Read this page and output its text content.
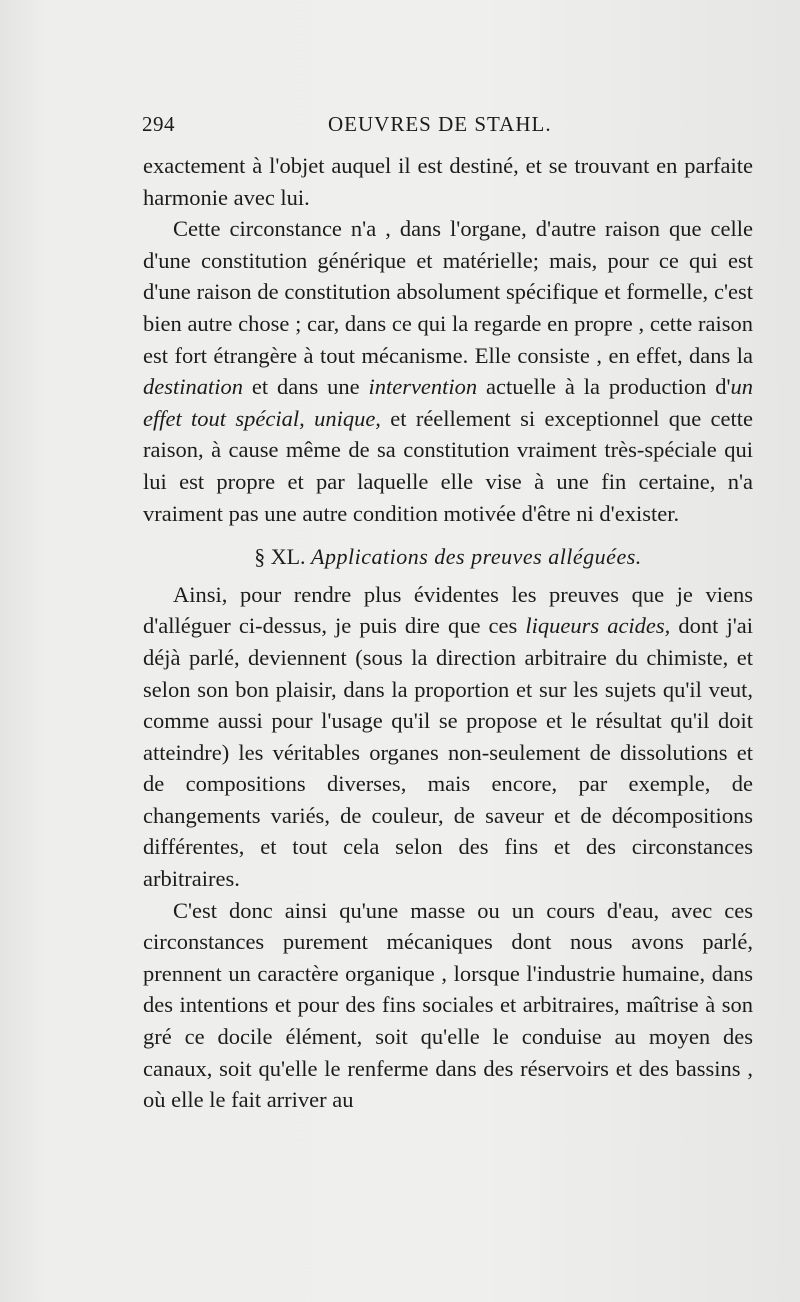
294	OEUVRES DE STAHL.

exactement à l'objet auquel il est destiné, et se trouvant en parfaite harmonie avec lui.

Cette circonstance n'a , dans l'organe, d'autre raison que celle d'une constitution générique et matérielle; mais, pour ce qui est d'une raison de constitution absolument spécifique et formelle, c'est bien autre chose ; car, dans ce qui la regarde en propre , cette raison est fort étrangère à tout mécanisme. Elle consiste , en effet, dans la destination et dans une intervention actuelle à la production d'un effet tout spécial, unique, et réellement si exceptionnel que cette raison, à cause même de sa constitution vraiment très-spéciale qui lui est propre et par laquelle elle vise à une fin certaine, n'a vraiment pas une autre condition motivée d'être ni d'exister.

§ XL. Applications des preuves alléguées.

Ainsi, pour rendre plus évidentes les preuves que je viens d'alléguer ci-dessus, je puis dire que ces liqueurs acides, dont j'ai déjà parlé, deviennent (sous la direction arbitraire du chimiste, et selon son bon plaisir, dans la proportion et sur les sujets qu'il veut, comme aussi pour l'usage qu'il se propose et le résultat qu'il doit atteindre) les véritables organes non-seulement de dissolutions et de compositions diverses, mais encore, par exemple, de changements variés, de couleur, de saveur et de décompositions différentes, et tout cela selon des fins et des circonstances arbitraires.

C'est donc ainsi qu'une masse ou un cours d'eau, avec ces circonstances purement mécaniques dont nous avons parlé, prennent un caractère organique , lorsque l'industrie humaine, dans des intentions et pour des fins sociales et arbitraires, maîtrise à son gré ce docile élément, soit qu'elle le conduise au moyen des canaux, soit qu'elle le renferme dans des réservoirs et des bassins , où elle le fait arriver au
